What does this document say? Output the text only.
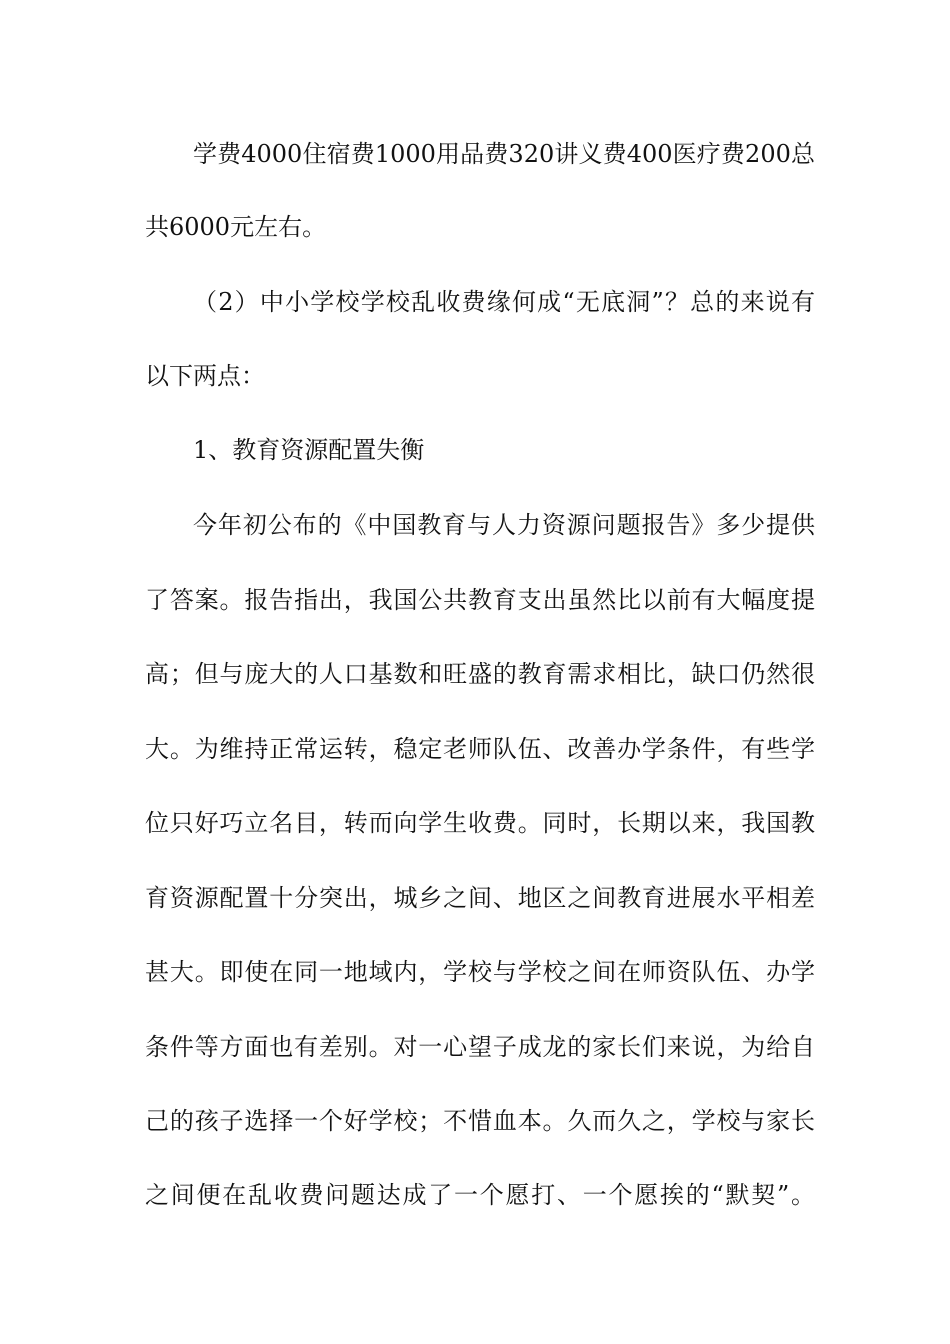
学费4000住宿费1000用品费320讲义费400医疗费200总
共6000元左右。
（2）中小学校学校乱收费缘何成“无底洞”？总的来说有
以下两点：
1、教育资源配置失衡
今年初公布的《中国教育与人力资源问题报告》多少提供
了答案。报告指出，我国公共教育支出虽然比以前有大幅度提
高；但与庞大的人口基数和旺盛的教育需求相比，缺口仍然很
大。为维持正常运转，稳定老师队伍、改善办学条件，有些学
位只好巧立名目，转而向学生收费。同时，长期以来，我国教
育资源配置十分突出，城乡之间、地区之间教育进展水平相差
甚大。即使在同一地域内，学校与学校之间在师资队伍、办学
条件等方面也有差别。对一心望子成龙的家长们来说，为给自
己的孩子选择一个好学校；不惜血本。久而久之，学校与家长
之间便在乱收费问题达成了一个愿打、一个愿挨的“默契”。
